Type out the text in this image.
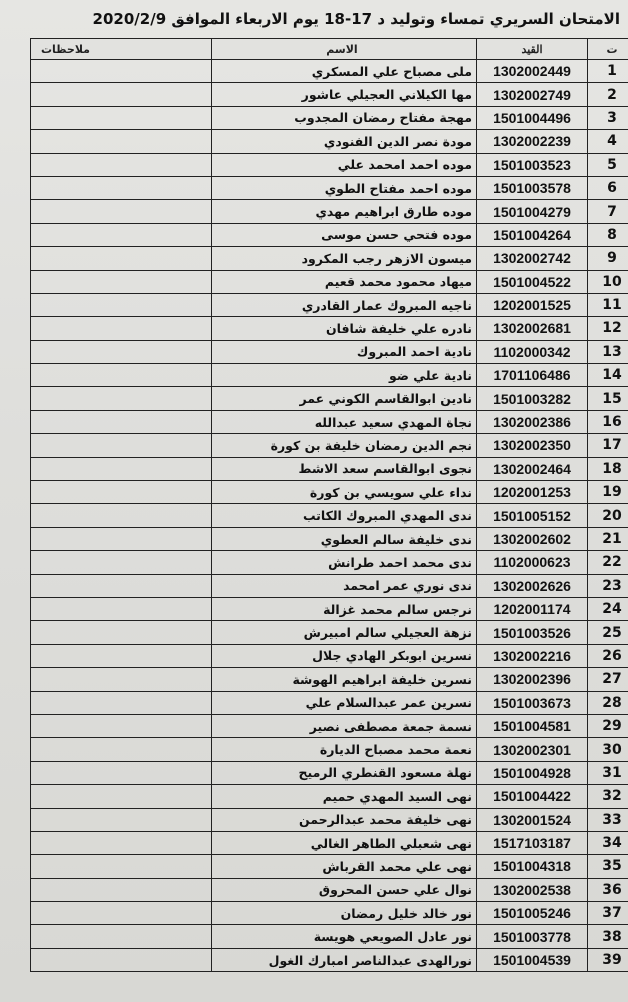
الامتحان السريري تمساء وتوليد د 17-18 يوم الاربعاء الموافق 2020/2/9
ت	القيد	الاسم	ملاحظات
1	1302002449	ملى مصباح علي المسكري	
2	1302002749	مها الكيلاني العجيلي عاشور	
3	1501004496	مهجة مفتاح رمضان المجدوب	
4	1302002239	مودة نصر الدين الفنودي	
5	1501003523	موده احمد امحمد علي	
6	1501003578	موده احمد مفتاح الطوي	
7	1501004279	موده طارق ابراهيم مهدي	
8	1501004264	موده فتحي حسن موسى	
9	1302002742	ميسون الازهر رجب المكرود	
10	1501004522	ميهاد محمود محمد قعيم	
11	1202001525	ناجيه المبروك عمار القادري	
12	1302002681	نادره علي خليفة شافان	
13	1102000342	نادية احمد المبروك	
14	1701106486	نادية علي ضو	
15	1501003282	نادين ابوالقاسم الكوني عمر	
16	1302002386	نجاة المهدي سعيد عبدالله	
17	1302002350	نجم الدين رمضان خليفة بن كورة	
18	1302002464	نجوى ابوالقاسم سعد الاشط	
19	1202001253	نداء علي سويسي بن كورة	
20	1501005152	ندى المهدي المبروك الكاتب	
21	1302002602	ندى خليفة سالم العطوي	
22	1102000623	ندى محمد احمد طرانش	
23	1302002626	ندى نوري عمر امحمد	
24	1202001174	نرجس سالم محمد غزالة	
25	1501003526	نزهة العجيلي سالم امبيرش	
26	1302002216	نسرين ابوبكر الهادي جلال	
27	1302002396	نسرين خليفة ابراهيم الهوشة	
28	1501003673	نسرين عمر عبدالسلام علي	
29	1501004581	نسمة جمعة مصطفى نصير	
30	1302002301	نعمة محمد مصباح الديارة	
31	1501004928	نهلة مسعود القنطري الرميح	
32	1501004422	نهى السيد المهدي حميم	
33	1302001524	نهى خليفة محمد عبدالرحمن	
34	1517103187	نهى شعبلي الطاهر الغالي	
35	1501004318	نهى علي محمد القرباش	
36	1302002538	نوال علي حسن المحروق	
37	1501005246	نور خالد خليل رمضان	
38	1501003778	نور عادل الصويعي هويسة	
39	1501004539	نورالهدى عبدالناصر امبارك الغول	
